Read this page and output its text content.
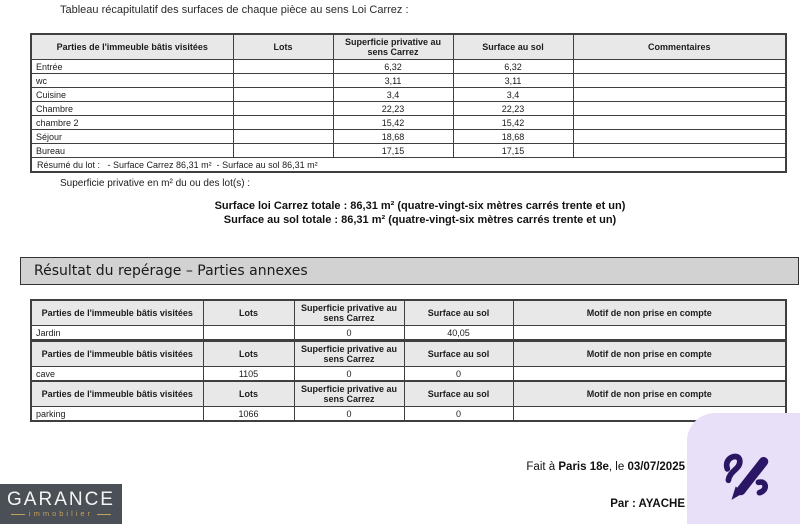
Tableau récapitulatif des surfaces de chaque pièce au sens Loi Carrez :
Parties de l'immeuble bâtis visitées	Lots	Superficie privative au sens Carrez	Surface au sol	Commentaires
Entrée		6,32	6,32	
wc		3,11	3,11	
Cuisine		3,4	3,4	
Chambre		22,23	22,23	
chambre 2		15,42	15,42	
Séjour		18,68	18,68	
Bureau		17,15	17,15	
Résumé du lot :   - Surface Carrez 86,31 m²  - Surface au sol 86,31 m²				
Superficie privative en m² du ou des lot(s) :
Surface loi Carrez totale : 86,31 m² (quatre-vingt-six mètres carrés trente et un)
Surface au sol totale : 86,31 m² (quatre-vingt-six mètres carrés trente et un)
Résultat du repérage – Parties annexes
Parties de l'immeuble bâtis visitées	Lots	Superficie privative au sens Carrez	Surface au sol	Motif de non prise en compte
Jardin		0	40,05	
Parties de l'immeuble bâtis visitées	Lots	Superficie privative au sens Carrez	Surface au sol	Motif de non prise en compte
cave	1105	0	0	
Parties de l'immeuble bâtis visitées	Lots	Superficie privative au sens Carrez	Surface au sol	Motif de non prise en compte
parking	1066	0	0	
Fait à Paris 18e, le 03/07/2025
Par : AYACHE
GARANCE
immobilier
